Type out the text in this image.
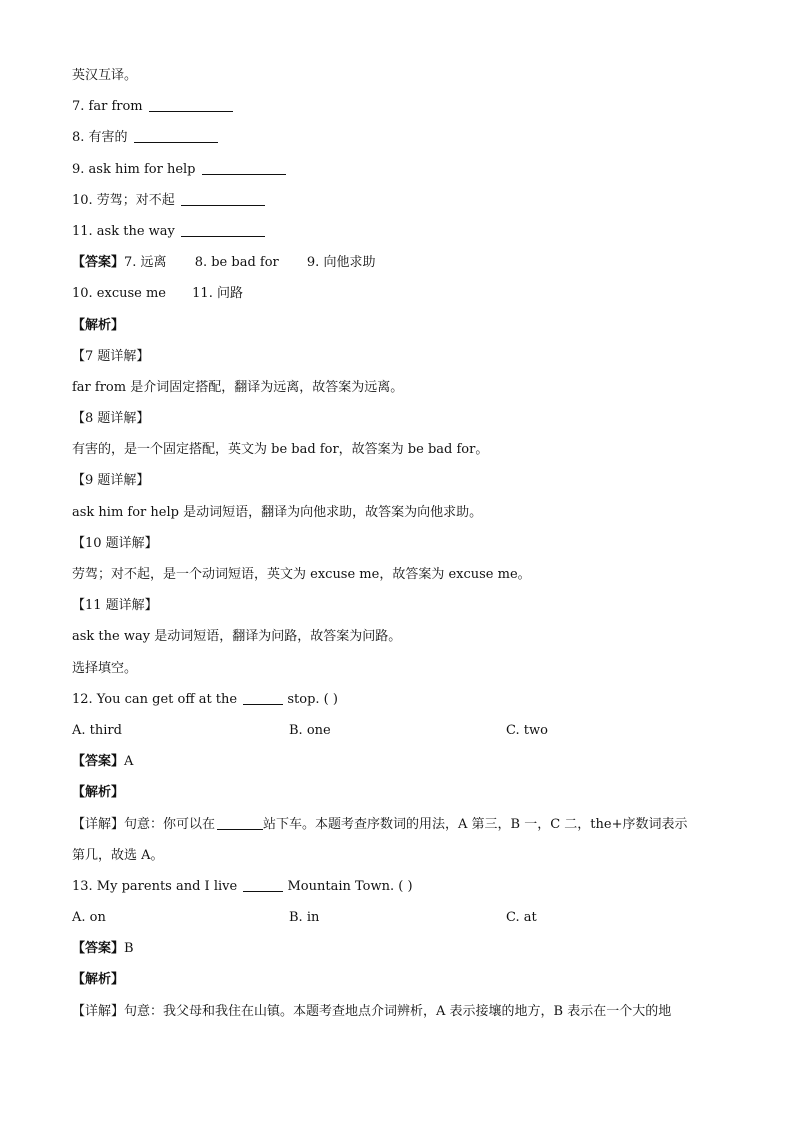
英汉互译。
7. far from
8. 有害的
9. ask him for help
10. 劳驾；对不起
11. ask the way
【答案】7. 远离 8. be bad for 9. 向他求助
10. excuse me 11. 问路
【解析】
【7 题详解】
far from 是介词固定搭配，翻译为远离，故答案为远离。
【8 题详解】
有害的，是一个固定搭配，英文为 be bad for，故答案为 be bad for。
【9 题详解】
ask him for help 是动词短语，翻译为向他求助，故答案为向他求助。
【10 题详解】
劳驾；对不起，是一个动词短语，英文为 excuse me，故答案为 excuse me。
【11 题详解】
ask the way 是动词短语，翻译为问路，故答案为问路。
选择填空。
12. You can get off at the	stop. ( )
A. third	B. one	C. two
【答案】A
【解析】
【详解】句意：你可以在	站下车。本题考查序数词的用法，A 第三，B 一，C 二，the+序数词表示
第几，故选 A。
13. My parents and I live	Mountain Town. ( )
A. on	B. in	C. at
【答案】B
【解析】
【详解】句意：我父母和我住在山镇。本题考查地点介词辨析，A 表示接壤的地方，B 表示在一个大的地
